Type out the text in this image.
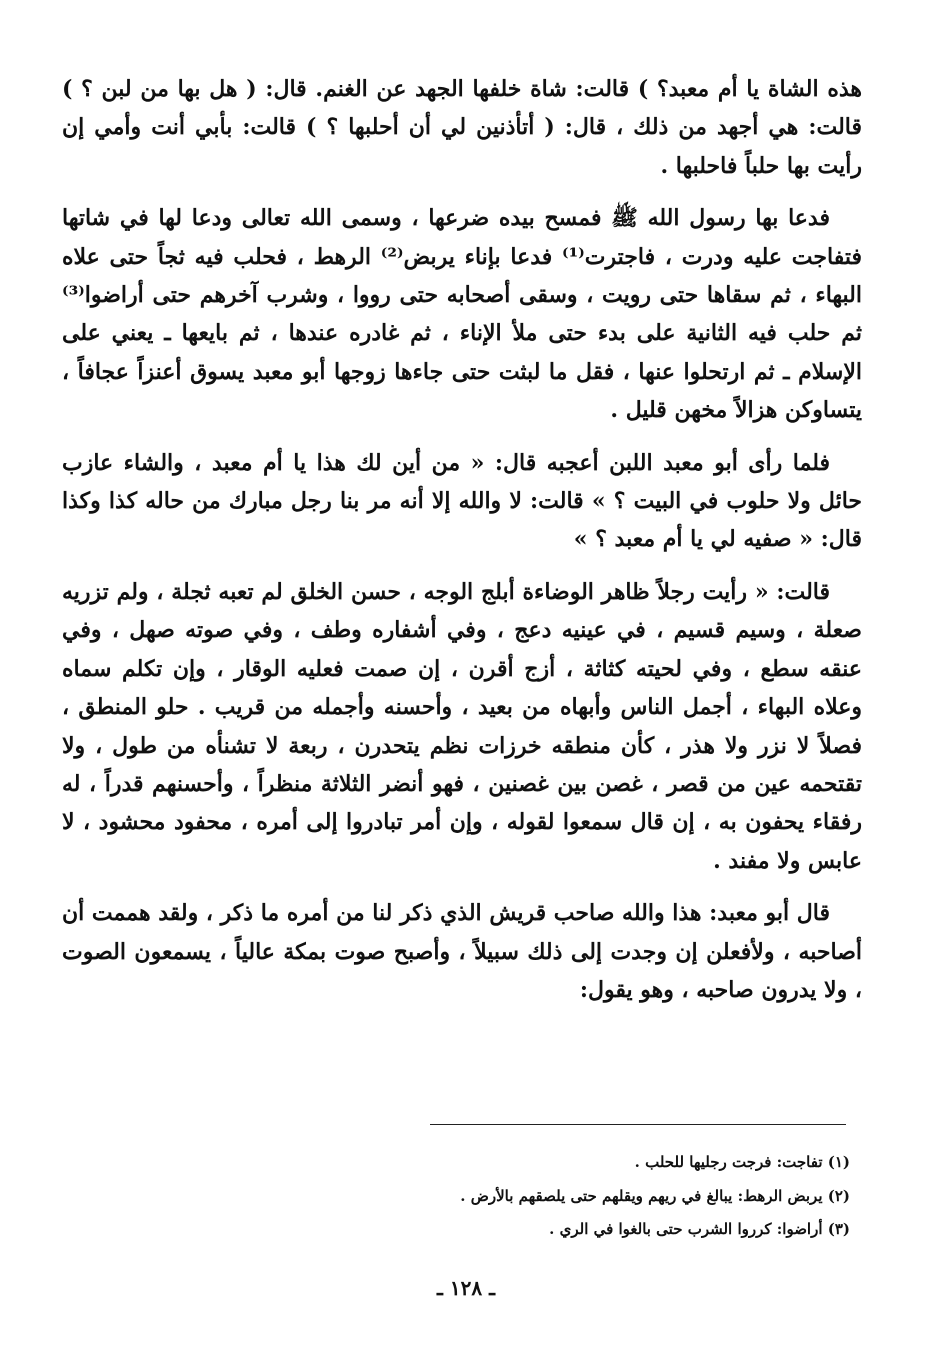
هذه الشاة يا أم معبد؟ ) قالت: شاة خلفها الجهد عن الغنم. قال: ( هل بها من لبن ؟ ) قالت: هي أجهد من ذلك ، قال: ( أتأذنين لي أن أحلبها ؟ ) قالت: بأبي أنت وأمي إن رأيت بها حلباً فاحلبها .

فدعا بها رسول الله ﷺ فمسح بيده ضرعها ، وسمى الله تعالى ودعا لها في شاتها فتفاجت عليه ودرت ، فاجترت⁽¹⁾ فدعا بإناء يربض⁽²⁾ الرهط ، فحلب فيه ثجاً حتى علاه البهاء ، ثم سقاها حتى رويت ، وسقى أصحابه حتى رووا ، وشرب آخرهم حتى أراضوا⁽³⁾ ثم حلب فيه الثانية على بدء حتى ملأ الإناء ، ثم غادره عندها ، ثم بايعها ـ يعني على الإسلام ـ ثم ارتحلوا عنها ، فقل ما لبثت حتى جاءها زوجها أبو معبد يسوق أعنزاً عجافاً ، يتساوكن هزالاً مخهن قليل .

فلما رأى أبو معبد اللبن أعجبه قال: « من أين لك هذا يا أم معبد ، والشاء عازب حائل ولا حلوب في البيت ؟ » قالت: لا والله إلا أنه مر بنا رجل مبارك من حاله كذا وكذا قال: « صفيه لي يا أم معبد ؟ »

قالت: « رأيت رجلاً ظاهر الوضاءة أبلج الوجه ، حسن الخلق لم تعبه ثجلة ، ولم تزريه صعلة ، وسيم قسيم ، في عينيه دعج ، وفي أشفاره وطف ، وفي صوته صهل ، وفي عنقه سطع ، وفي لحيته كثاثة ، أزج أقرن ، إن صمت فعليه الوقار ، وإن تكلم سماه وعلاه البهاء ، أجمل الناس وأبهاه من بعيد ، وأحسنه وأجمله من قريب . حلو المنطق ، فصلاً لا نزر ولا هذر ، كأن منطقه خرزات نظم يتحدرن ، ربعة لا تشنأه من طول ، ولا تقتحمه عين من قصر ، غصن بين غصنين ، فهو أنضر الثلاثة منظراً ، وأحسنهم قدراً ، له رفقاء يحفون به ، إن قال سمعوا لقوله ، وإن أمر تبادروا إلى أمره ، محفود محشود ، لا عابس ولا مفند .

قال أبو معبد: هذا والله صاحب قريش الذي ذكر لنا من أمره ما ذكر ، ولقد هممت أن أصاحبه ، ولأفعلن إن وجدت إلى ذلك سبيلاً ، وأصبح صوت بمكة عالياً ، يسمعون الصوت ، ولا يدرون صاحبه ، وهو يقول:

(١) تفاجت: فرجت رجليها للحلب .
(٢) يربض الرهط: يبالغ في ريهم ويقلهم حتى يلصقهم بالأرض .
(٣) أراضوا: كرروا الشرب حتى بالغوا في الري .
ـ ١٢٨ ـ
